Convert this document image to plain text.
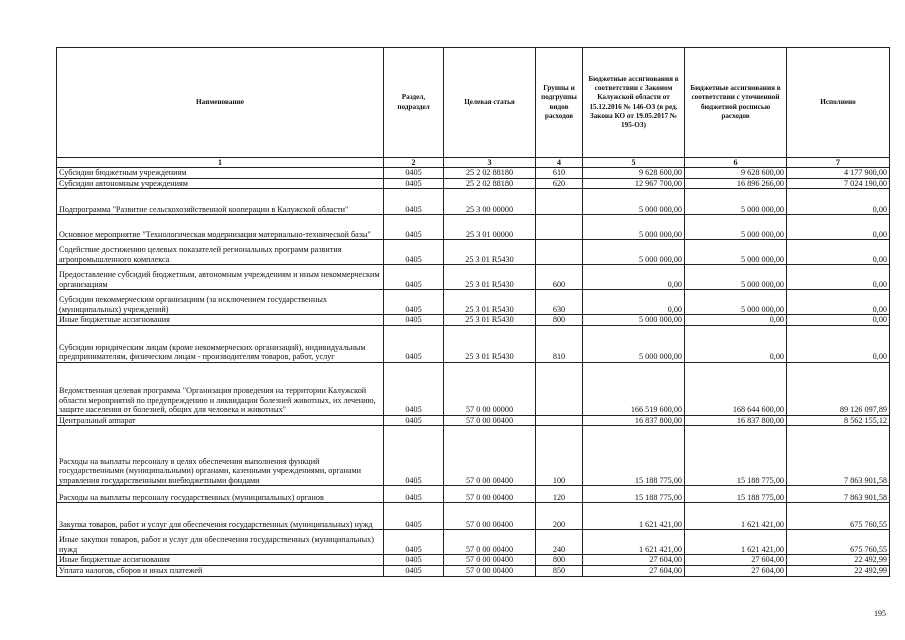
Наименование	Раздел, подраздел	Целевая статья	Группы и подгруппы видов расходов	Бюджетные ассигнования в соответствии с Законом Калужской области от 15.12.2016 № 146-ОЗ (в ред. Закона КО от 19.05.2017 № 195-ОЗ)	Бюджетные ассигнования в соответствии с уточненной бюджетной росписью расходов	Исполнено
1	2	3	4	5	6	7
Субсидии бюджетным учреждениям	0405	25 2 02 88180	610	9 628 600,00	9 628 600,00	4 177 900,00
Субсидии автономным учреждениям	0405	25 2 02 88180	620	12 967 700,00	16 896 266,00	7 024 190,00
Подпрограмма "Развитие сельскохозяйственной кооперации в Калужской области"	0405	25 3 00 00000		5 000 000,00	5 000 000,00	0,00
Основное мероприятие "Технологическая модернизация материально-технической базы"	0405	25 3 01 00000		5 000 000,00	5 000 000,00	0,00
Содействие достижению целевых показателей региональных программ развития агропромышленного комплекса	0405	25 3 01 R5430		5 000 000,00	5 000 000,00	0,00
Предоставление субсидий бюджетным, автономным учреждениям и иным некоммерческим организациям	0405	25 3 01 R5430	600	0,00	5 000 000,00	0,00
Субсидии некоммерческим организациям (за исключением государственных (муниципальных) учреждений)	0405	25 3 01 R5430	630	0,00	5 000 000,00	0,00
Иные бюджетные ассигнования	0405	25 3 01 R5430	800	5 000 000,00	0,00	0,00
Субсидии юридическим лицам (кроме некоммерческих организаций), индивидуальным предпринимателям, физическим лицам - производителям товаров, работ, услуг	0405	25 3 01 R5430	810	5 000 000,00	0,00	0,00
Ведомственная целевая программа "Организация проведения на территории Калужской области мероприятий по предупреждению и ликвидации болезней животных, их лечению, защите населения от болезней, общих для человека и животных"	0405	57 0 00 00000		166 519 600,00	168 644 600,00	89 126 097,89
Центральный аппарат	0405	57 0 00 00400		16 837 800,00	16 837 800,00	8 562 155,12
Расходы на выплаты персоналу в целях обеспечения выполнения функций государственными (муниципальными) органами, казенными учреждениями, органами управления государственными внебюджетными фондами	0405	57 0 00 00400	100	15 188 775,00	15 188 775,00	7 863 901,58
Расходы на выплаты персоналу государственных (муниципальных) органов	0405	57 0 00 00400	120	15 188 775,00	15 188 775,00	7 863 901,58
Закупка товаров, работ и услуг для обеспечения государственных (муниципальных) нужд	0405	57 0 00 00400	200	1 621 421,00	1 621 421,00	675 760,55
Иные закупки товаров, работ и услуг для обеспечения государственных (муниципальных) нужд	0405	57 0 00 00400	240	1 621 421,00	1 621 421,00	675 760,55
Иные бюджетные ассигнования	0405	57 0 00 00400	800	27 604,00	27 604,00	22 492,99
Уплата налогов, сборов и иных платежей	0405	57 0 00 00400	850	27 604,00	27 604,00	22 492,99
195
